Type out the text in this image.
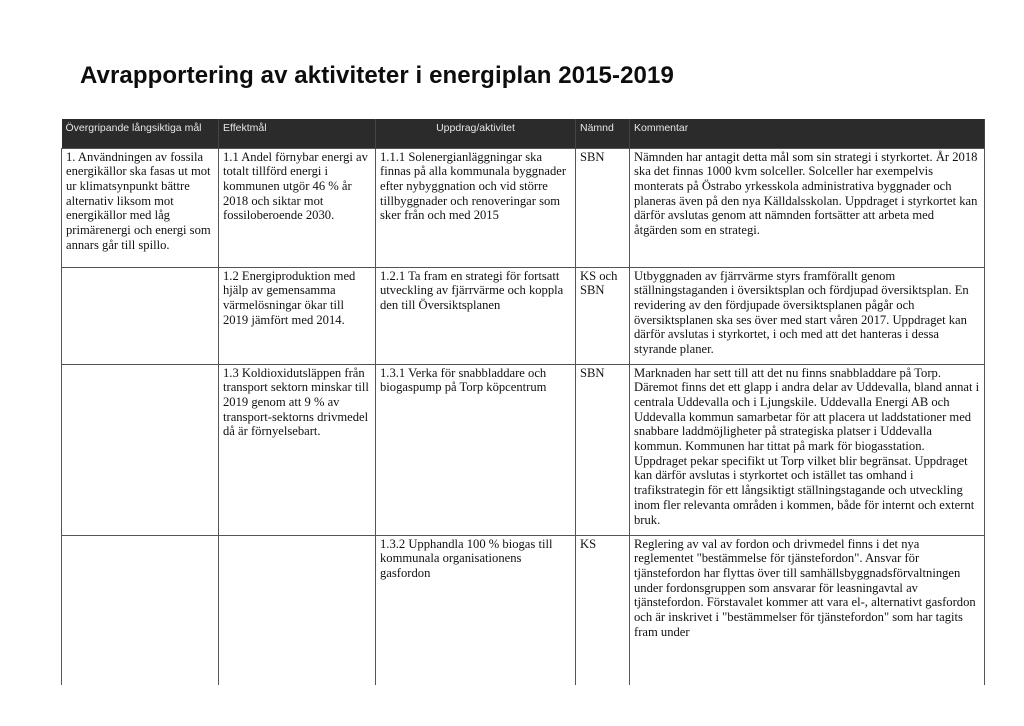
Avrapportering av aktiviteter i energiplan 2015-2019
Övergripande långsiktiga mål	Effektmål	Uppdrag/aktivitet	Nämnd	Kommentar
1. Användningen av fossila energikällor ska fasas ut mot ur klimatsynpunkt bättre alternativ liksom mot energikällor med låg primärenergi och energi som annars går till spillo.	1.1 Andel förnybar energi av totalt tillförd energi i kommunen utgör 46 % år 2018 och siktar mot fossiloberoende 2030.	1.1.1 Solenergianläggningar ska finnas på alla kommunala byggnader efter nybyggnation och vid större tillbyggnader och renoveringar som sker från och med 2015	SBN	Nämnden har antagit detta mål som sin strategi i styrkortet. År 2018 ska det finnas 1000 kvm solceller. Solceller har exempelvis monterats på Östrabo yrkesskola administrativa byggnader och planeras även på den nya Källdalsskolan. Uppdraget i styrkortet kan därför avslutas genom att nämnden fortsätter att arbeta med åtgärden som en strategi.
	1.2 Energiproduktion med hjälp av gemensamma värmelösningar ökar till 2019 jämfört med 2014.	1.2.1 Ta fram en strategi för fortsatt utveckling av fjärrvärme och koppla den till Översiktsplanen	KS och SBN	Utbyggnaden av fjärrvärme styrs framförallt genom ställningstaganden i översiktsplan och fördjupad översiktsplan. En revidering av den fördjupade översiktsplanen pågår och översiktsplanen ska ses över med start våren 2017. Uppdraget kan därför avslutas i styrkortet, i och med att det hanteras i dessa styrande planer.
	1.3 Koldioxidutsläppen från transport sektorn minskar till 2019 genom att 9 % av transport-sektorns drivmedel då är förnyelsebart.	1.3.1 Verka för snabbladdare och biogaspump på Torp köpcentrum	SBN	Marknaden har sett till att det nu finns snabbladdare på Torp. Däremot finns det ett glapp i andra delar av Uddevalla, bland annat i centrala Uddevalla och i Ljungskile. Uddevalla Energi AB och Uddevalla kommun samarbetar för att placera ut laddstationer med snabbare laddmöjligheter på strategiska platser i Uddevalla kommun. Kommunen har tittat på mark för biogasstation. Uppdraget pekar specifikt ut Torp vilket blir begränsat. Uppdraget kan därför avslutas i styrkortet och istället tas omhand i trafikstrategin för ett långsiktigt ställningstagande och utveckling inom fler relevanta områden i kommen, både för internt och externt bruk.
		1.3.2 Upphandla 100 % biogas till kommunala organisationens gasfordon	KS	Reglering av val av fordon och drivmedel finns i det nya reglementet "bestämmelse för tjänstefordon". Ansvar för tjänstefordon har flyttas över till samhällsbyggnadsförvaltningen under fordonsgruppen som ansvarar för leasningavtal av tjänstefordon. Förstavalet kommer att vara el-, alternativt gasfordon och är inskrivet i "bestämmelser för tjänstefordon" som har tagits fram under
